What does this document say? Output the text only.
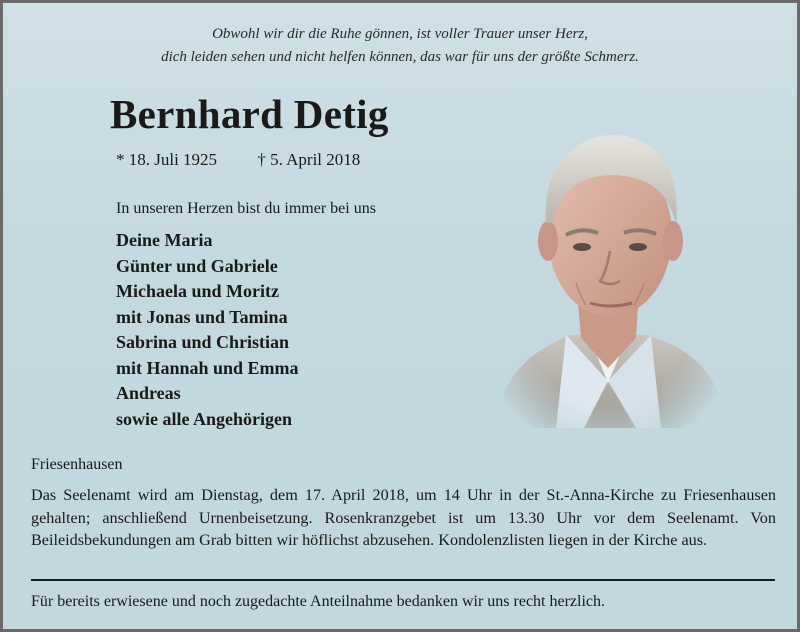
Obwohl wir dir die Ruhe gönnen, ist voller Trauer unser Herz,
dich leiden sehen und nicht helfen können, das war für uns der größte Schmerz.
Bernhard Detig
* 18. Juli 1925 † 5. April 2018
In unseren Herzen bist du immer bei uns
Deine Maria
Günter und Gabriele
Michaela und Moritz
mit Jonas und Tamina
Sabrina und Christian
mit Hannah und Emma
Andreas
sowie alle Angehörigen
Friesenhausen
Das Seelenamt wird am Dienstag, dem 17. April 2018, um 14 Uhr in der St.-Anna-Kirche zu Friesenhausen gehalten; anschließend Urnenbeisetzung. Rosenkranzgebet ist um 13.30 Uhr vor dem Seelenamt. Von Beileidsbekundungen am Grab bitten wir höflichst abzusehen. Kondolenzlisten liegen in der Kirche aus.
Für bereits erwiesene und noch zugedachte Anteilnahme bedanken wir uns recht herzlich.
